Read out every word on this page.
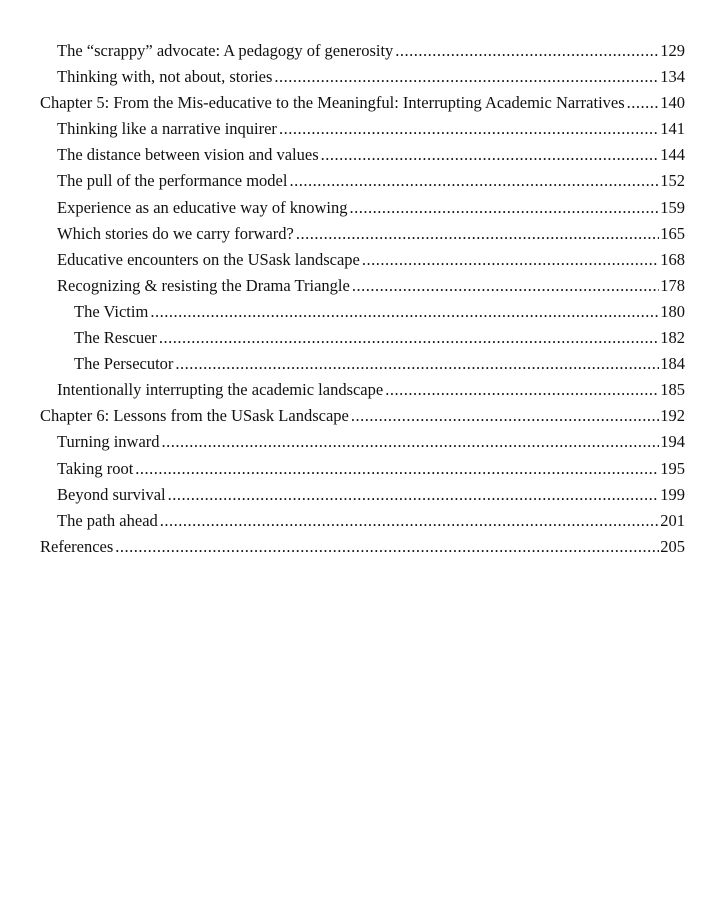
The “scrappy” advocate: A pedagogy of generosity .....	129
Thinking with, not about, stories .....	134
Chapter 5: From the Mis-educative to the Meaningful: Interrupting Academic Narratives ..... 140
Thinking like a narrative inquirer .....	141
The distance between vision and values .....	144
The pull of the performance model .....	152
Experience as an educative way of knowing .....	159
Which stories do we carry forward? .....	165
Educative encounters on the USask landscape .....	168
Recognizing & resisting the Drama Triangle .....	178
The Victim .....	180
The Rescuer .....	182
The Persecutor .....	184
Intentionally interrupting the academic landscape .....	185
Chapter 6: Lessons from the USask Landscape .....	192
Turning inward .....	194
Taking root .....	195
Beyond survival .....	199
The path ahead .....	201
References .....	205
